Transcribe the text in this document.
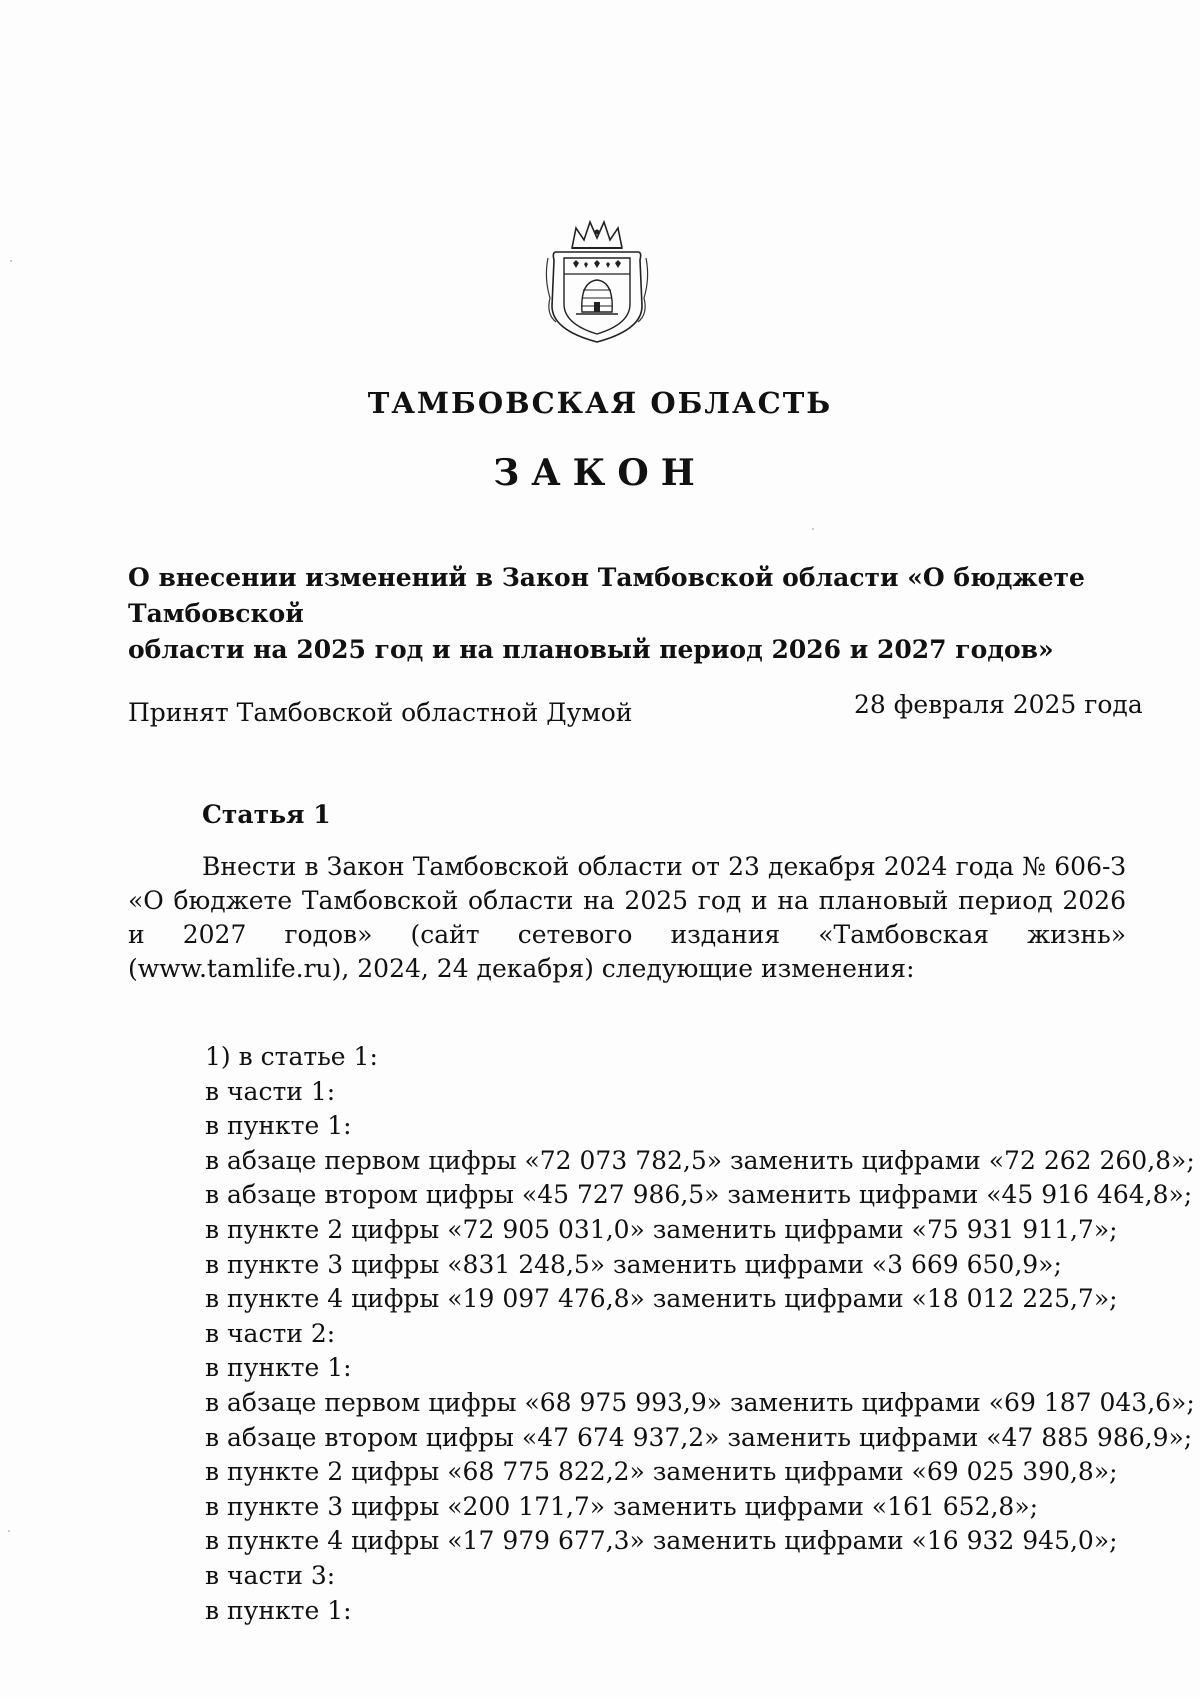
ТАМБОВСКАЯ ОБЛАСТЬ
ЗАКОН
О внесении изменений в Закон Тамбовской области «О бюджете Тамбовской
области на 2025 год и на плановый период 2026 и 2027 годов»
Принят Тамбовской областной Думой	28 февраля 2025 года
Статья 1
Внести в Закон Тамбовской области от 23 декабря 2024 года № 606-З «О бюджете Тамбовской области на 2025 год и на плановый период 2026 и 2027 годов» (сайт сетевого издания «Тамбовская жизнь» (www.tamlife.ru), 2024, 24 декабря) следующие изменения:
1) в статье 1:
в части 1:
в пункте 1:
в абзаце первом цифры «72 073 782,5» заменить цифрами «72 262 260,8»;
в абзаце втором цифры «45 727 986,5» заменить цифрами «45 916 464,8»;
в пункте 2 цифры «72 905 031,0» заменить цифрами «75 931 911,7»;
в пункте 3 цифры «831 248,5» заменить цифрами «3 669 650,9»;
в пункте 4 цифры «19 097 476,8» заменить цифрами «18 012 225,7»;
в части 2:
в пункте 1:
в абзаце первом цифры «68 975 993,9» заменить цифрами «69 187 043,6»;
в абзаце втором цифры «47 674 937,2» заменить цифрами «47 885 986,9»;
в пункте 2 цифры «68 775 822,2» заменить цифрами «69 025 390,8»;
в пункте 3 цифры «200 171,7» заменить цифрами «161 652,8»;
в пункте 4 цифры «17 979 677,3» заменить цифрами «16 932 945,0»;
в части 3:
в пункте 1:
